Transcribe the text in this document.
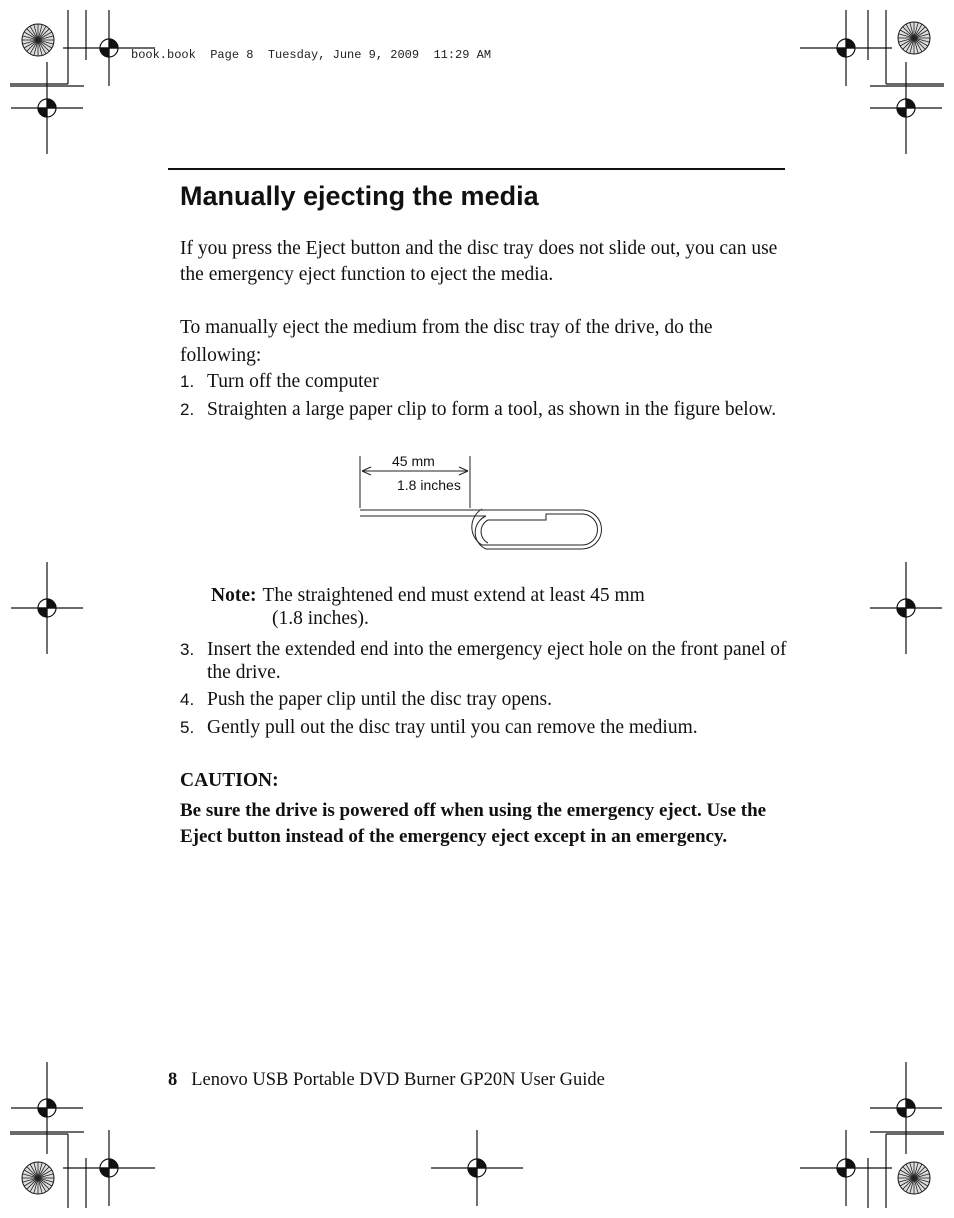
book.book  Page 8  Tuesday, June 9, 2009  11:29 AM
Manually ejecting the media
If you press the Eject button and the disc tray does not slide out, you can use the emergency eject function to eject the media.
To manually eject the medium from the disc tray of the drive, do the following:
1. Turn off the computer
2. Straighten a large paper clip to form a tool, as shown in the figure below.
45 mm
1.8 inches
Note: The straightened end must extend at least 45 mm
(1.8 inches).
3. Insert the extended end into the emergency eject hole on the front panel of the drive.
4. Push the paper clip until the disc tray opens.
5. Gently pull out the disc tray until you can remove the medium.
CAUTION:
Be sure the drive is powered off when using the emergency eject. Use the Eject button instead of the emergency eject except in an emergency.
8 Lenovo USB Portable DVD Burner GP20N User Guide
